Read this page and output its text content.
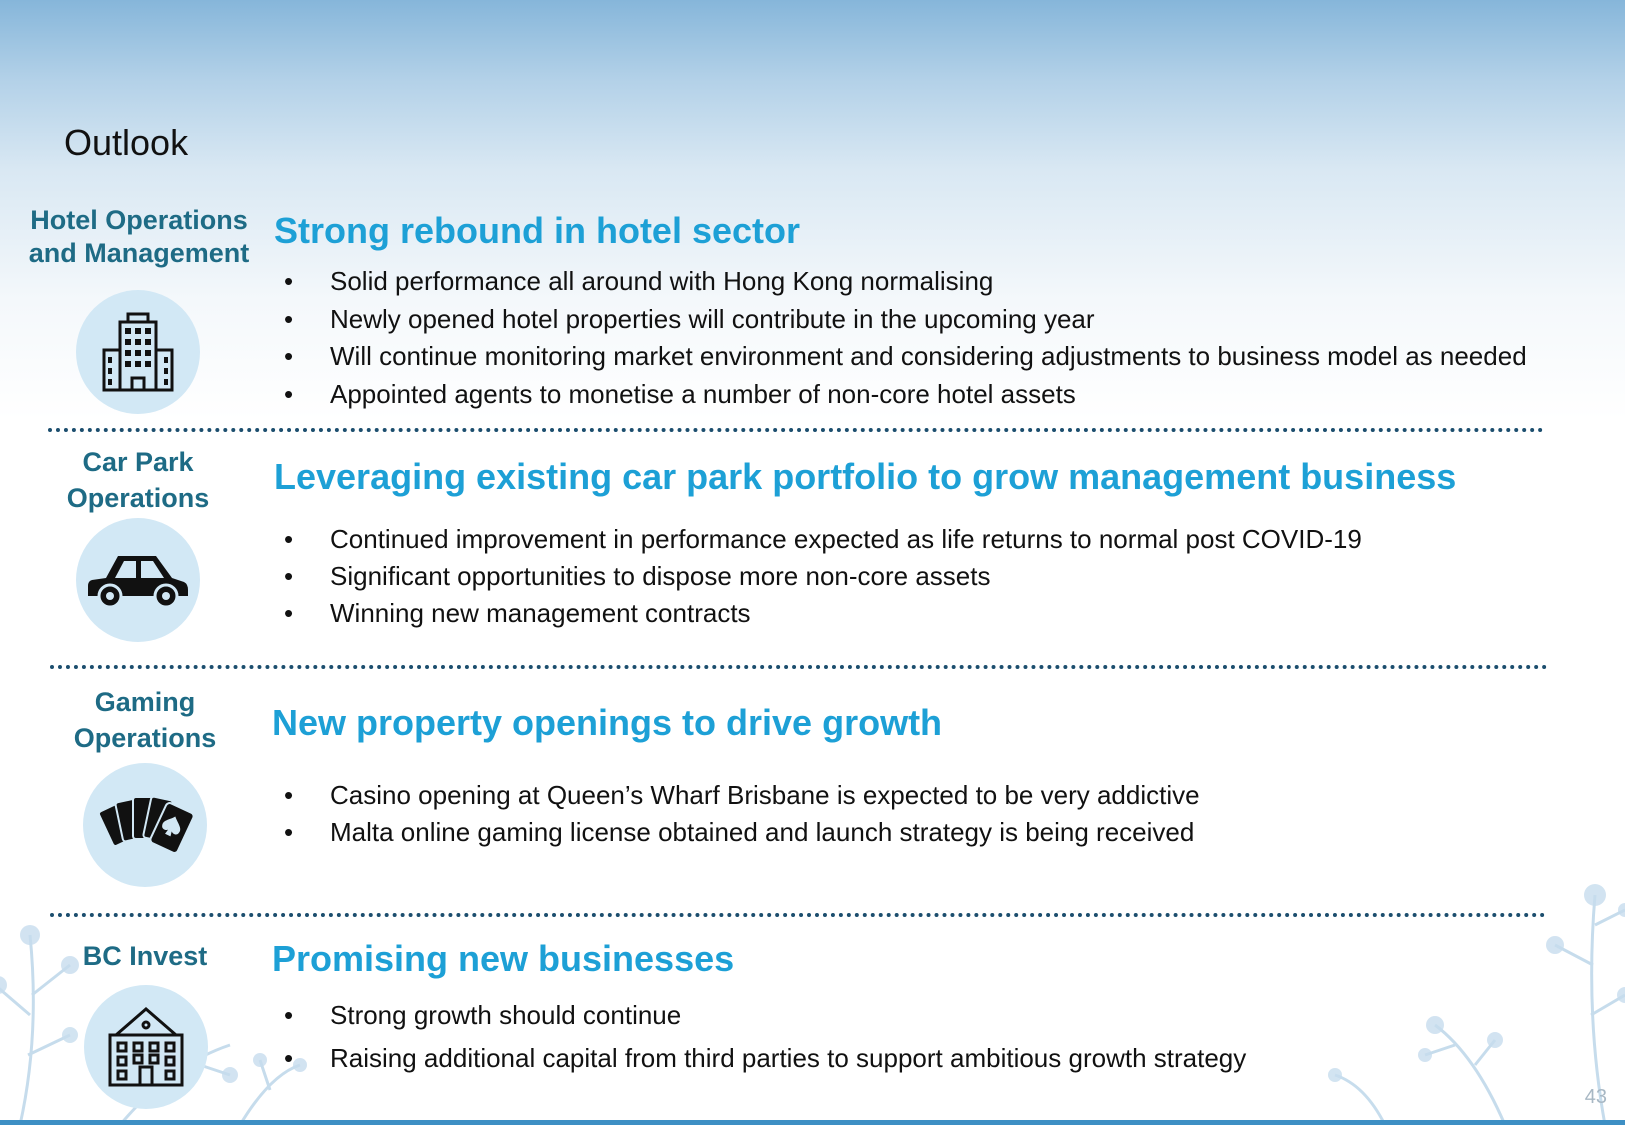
Outlook
Hotel Operations
and Management
Strong rebound in hotel sector
• Solid performance all around with Hong Kong normalising
• Newly opened hotel properties will contribute in the upcoming year
• Will continue monitoring market environment and considering adjustments to business model as needed
• Appointed agents to monetise a number of non-core hotel assets
Car Park
Operations
Leveraging existing car park portfolio to grow management business
• Continued improvement in performance expected as life returns to normal post COVID-19
• Significant opportunities to dispose more non-core assets
• Winning new management contracts
Gaming
Operations	New property openings to drive growth
• Casino opening at Queen’s Wharf Brisbane is expected to be very addictive
• Malta online gaming license obtained and launch strategy is being received
BC Invest	Promising new businesses
• Strong growth should continue
• Raising additional capital from third parties to support ambitious growth strategy
43
